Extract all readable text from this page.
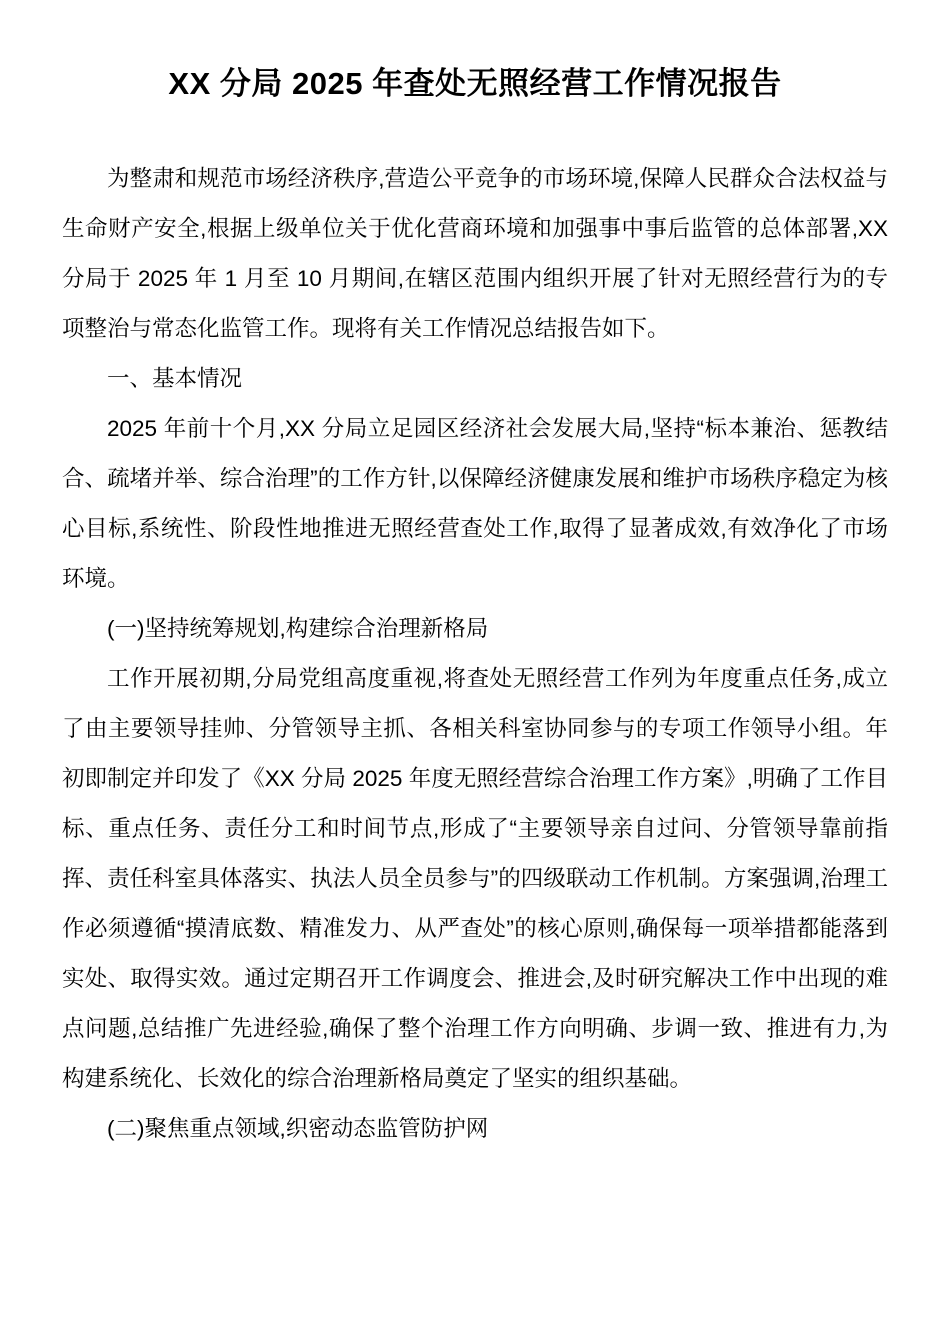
XX 分局 2025 年查处无照经营工作情况报告

为整肃和规范市场经济秩序,营造公平竞争的市场环境,保障人民群众合法权益与生命财产安全,根据上级单位关于优化营商环境和加强事中事后监管的总体部署,XX 分局于 2025 年 1 月至 10 月期间,在辖区范围内组织开展了针对无照经营行为的专项整治与常态化监管工作。现将有关工作情况总结报告如下。

一、基本情况

2025 年前十个月,XX 分局立足园区经济社会发展大局,坚持“标本兼治、惩教结合、疏堵并举、综合治理”的工作方针,以保障经济健康发展和维护市场秩序稳定为核心目标,系统性、阶段性地推进无照经营查处工作,取得了显著成效,有效净化了市场环境。

(一)坚持统筹规划,构建综合治理新格局

工作开展初期,分局党组高度重视,将查处无照经营工作列为年度重点任务,成立了由主要领导挂帅、分管领导主抓、各相关科室协同参与的专项工作领导小组。年初即制定并印发了《XX 分局 2025 年度无照经营综合治理工作方案》,明确了工作目标、重点任务、责任分工和时间节点,形成了“主要领导亲自过问、分管领导靠前指挥、责任科室具体落实、执法人员全员参与”的四级联动工作机制。方案强调,治理工作必须遵循“摸清底数、精准发力、从严查处”的核心原则,确保每一项举措都能落到实处、取得实效。通过定期召开工作调度会、推进会,及时研究解决工作中出现的难点问题,总结推广先进经验,确保了整个治理工作方向明确、步调一致、推进有力,为构建系统化、长效化的综合治理新格局奠定了坚实的组织基础。

(二)聚焦重点领域,织密动态监管防护网
